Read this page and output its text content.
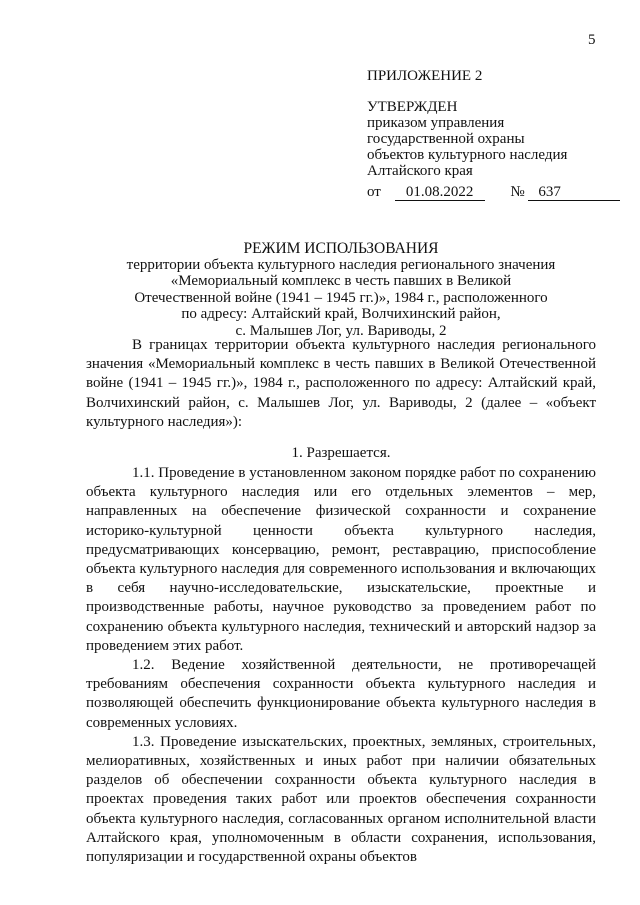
5
ПРИЛОЖЕНИЕ 2
УТВЕРЖДЕН
приказом управления
государственной охраны
объектов культурного наследия
Алтайского края
от 01.08.2022 № 637
РЕЖИМ ИСПОЛЬЗОВАНИЯ
территории объекта культурного наследия регионального значения
«Мемориальный комплекс в честь павших в Великой
Отечественной войне (1941 – 1945 гг.)», 1984 г., расположенного
по адресу: Алтайский край, Волчихинский район,
с. Малышев Лог, ул. Вариводы, 2

В границах территории объекта культурного наследия регионального значения «Мемориальный комплекс в честь павших в Великой Отечественной войне (1941 – 1945 гг.)», 1984 г., расположенного по адресу: Алтайский край, Волчихинский район, с. Малышев Лог, ул. Вариводы, 2 (далее – «объект культурного наследия»):

1. Разрешается.

1.1. Проведение в установленном законом порядке работ по сохранению объекта культурного наследия или его отдельных элементов – мер, направленных на обеспечение физической сохранности и сохранение историко-культурной ценности объекта культурного наследия, предусматривающих консервацию, ремонт, реставрацию, приспособление объекта культурного наследия для современного использования и включающих в себя научно-исследовательские, изыскательские, проектные и производственные работы, научное руководство за проведением работ по сохранению объекта культурного наследия, технический и авторский надзор за проведением этих работ.

1.2. Ведение хозяйственной деятельности, не противоречащей требованиям обеспечения сохранности объекта культурного наследия и позволяющей обеспечить функционирование объекта культурного наследия в современных условиях.

1.3. Проведение изыскательских, проектных, земляных, строительных, мелиоративных, хозяйственных и иных работ при наличии обязательных разделов об обеспечении сохранности объекта культурного наследия в проектах проведения таких работ или проектов обеспечения сохранности объекта культурного наследия, согласованных органом исполнительной власти Алтайского края, уполномоченным в области сохранения, использования, популяризации и государственной охраны объектов
